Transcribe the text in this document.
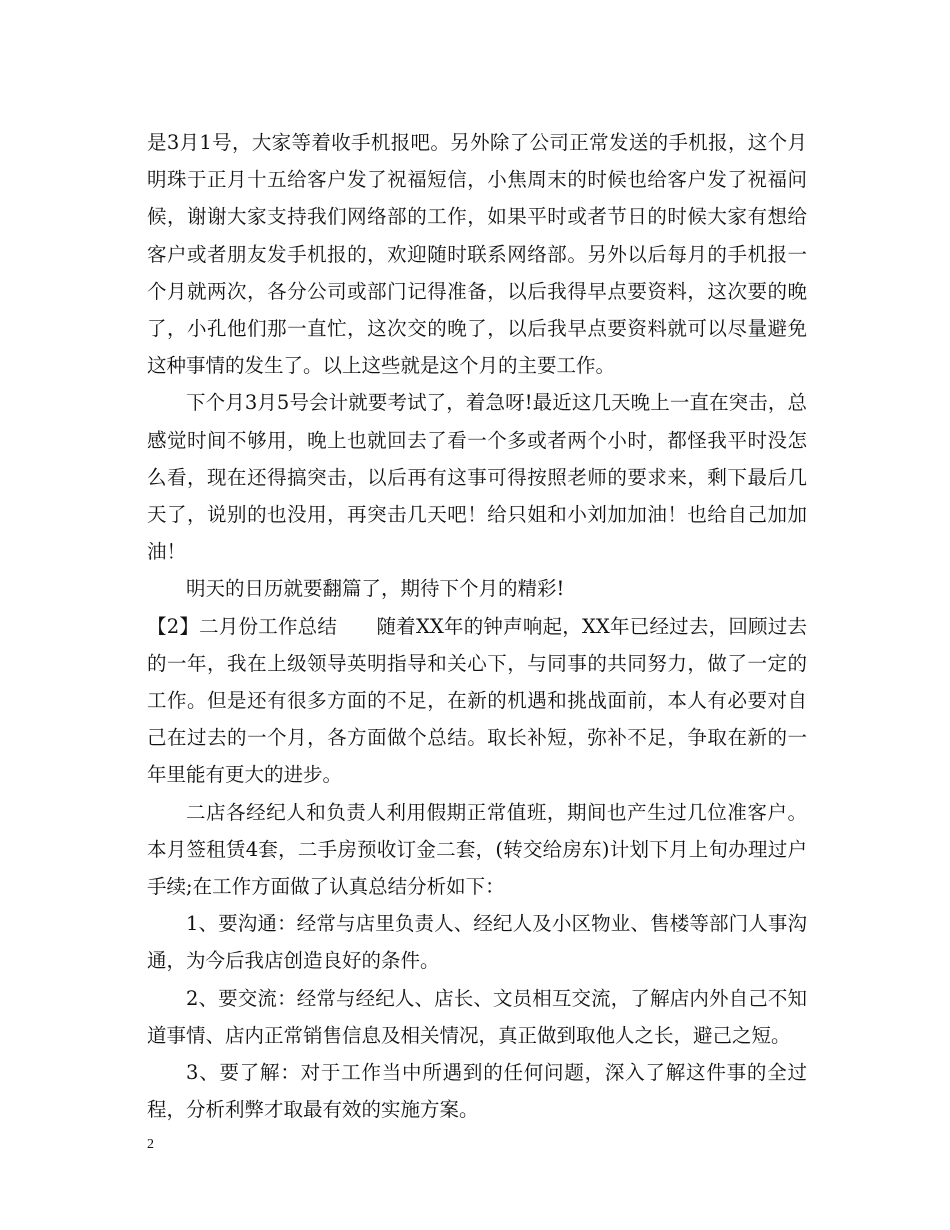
是3月1号，大家等着收手机报吧。另外除了公司正常发送的手机报，这个月明珠于正月十五给客户发了祝福短信，小焦周末的时候也给客户发了祝福问候，谢谢大家支持我们网络部的工作，如果平时或者节日的时候大家有想给客户或者朋友发手机报的，欢迎随时联系网络部。另外以后每月的手机报一个月就两次，各分公司或部门记得准备，以后我得早点要资料，这次要的晚了，小孔他们那一直忙，这次交的晚了，以后我早点要资料就可以尽量避免这种事情的发生了。以上这些就是这个月的主要工作。

下个月3月5号会计就要考试了，着急呀!最近这几天晚上一直在突击，总感觉时间不够用，晚上也就回去了看一个多或者两个小时，都怪我平时没怎么看，现在还得搞突击，以后再有这事可得按照老师的要求来，剩下最后几天了，说别的也没用，再突击几天吧！给只姐和小刘加加油！也给自己加加油！

明天的日历就要翻篇了，期待下个月的精彩!

【2】二月份工作总结　　随着XX年的钟声响起，XX年已经过去，回顾过去的一年，我在上级领导英明指导和关心下，与同事的共同努力，做了一定的工作。但是还有很多方面的不足，在新的机遇和挑战面前，本人有必要对自己在过去的一个月，各方面做个总结。取长补短，弥补不足，争取在新的一年里能有更大的进步。

二店各经纪人和负责人利用假期正常值班，期间也产生过几位准客户。本月签租赁4套，二手房预收订金二套，(转交给房东)计划下月上旬办理过户手续;在工作方面做了认真总结分析如下：

1、要沟通：经常与店里负责人、经纪人及小区物业、售楼等部门人事沟通，为今后我店创造良好的条件。

2、要交流：经常与经纪人、店长、文员相互交流，了解店内外自己不知道事情、店内正常销售信息及相关情况，真正做到取他人之长，避己之短。

3、要了解：对于工作当中所遇到的任何问题，深入了解这件事的全过程，分析利弊才取最有效的实施方案。

2
